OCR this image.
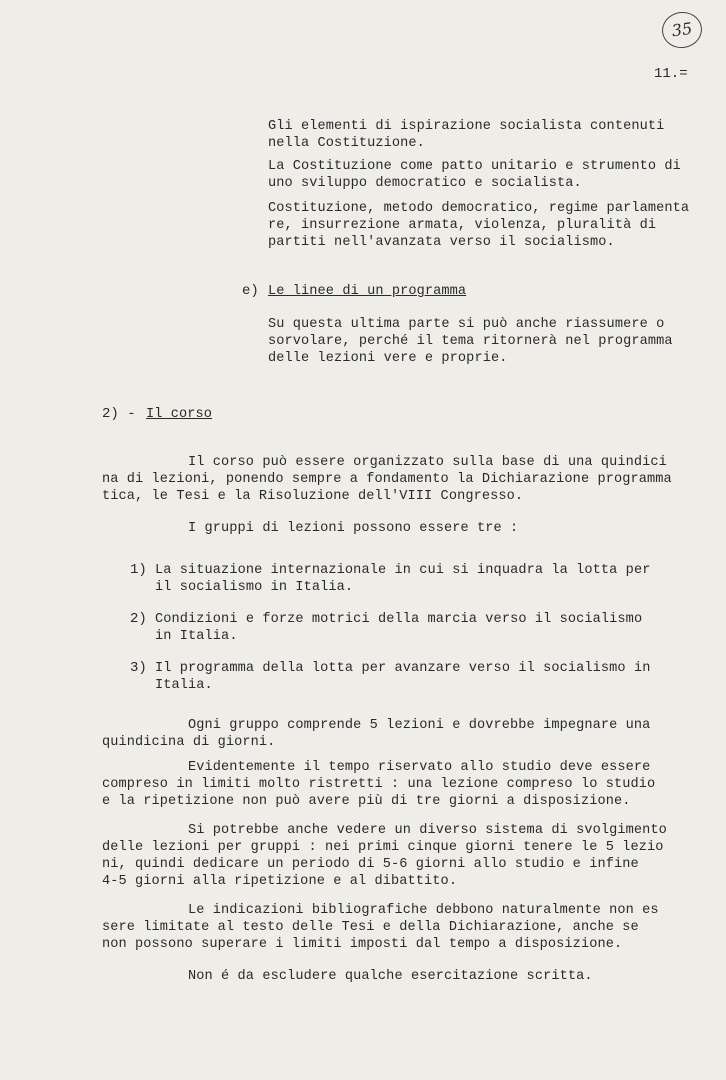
35
11.=
Gli elementi di ispirazione socialista contenuti
nella Costituzione.
La Costituzione come patto unitario e strumento di
uno sviluppo democratico e socialista.
Costituzione, metodo democratico, regime parlamenta
re, insurrezione armata, violenza, pluralità di
partiti nell'avanzata verso il socialismo.
e) Le linee di un programma
Su questa ultima parte si può anche riassumere o
sorvolare, perché il tema ritornerà nel programma
delle lezioni vere e proprie.
2) - Il corso
Il corso può essere organizzato sulla base di una quindici
na di lezioni, ponendo sempre a fondamento la Dichiarazione programma
tica, le Tesi e la Risoluzione dell'VIII Congresso.
I gruppi di lezioni possono essere tre :
1) La situazione internazionale in cui si inquadra la lotta per
il socialismo in Italia.
2) Condizioni e forze motrici della marcia verso il socialismo
in Italia.
3) Il programma della lotta per avanzare verso il socialismo in
Italia.
Ogni gruppo comprende 5 lezioni e dovrebbe impegnare una
quindicina di giorni.
Evidentemente il tempo riservato allo studio deve essere
compreso in limiti molto ristretti : una lezione compreso lo studio
e la ripetizione non può avere più di tre giorni a disposizione.
Si potrebbe anche vedere un diverso sistema di svolgimento
delle lezioni per gruppi : nei primi cinque giorni tenere le 5 lezio
ni, quindi dedicare un periodo di 5-6 giorni allo studio e infine
4-5 giorni alla ripetizione e al dibattito.
Le indicazioni bibliografiche debbono naturalmente non es
sere limitate al testo delle Tesi e della Dichiarazione, anche se
non possono superare i limiti imposti dal tempo a disposizione.
Non é da escludere qualche esercitazione scritta.
